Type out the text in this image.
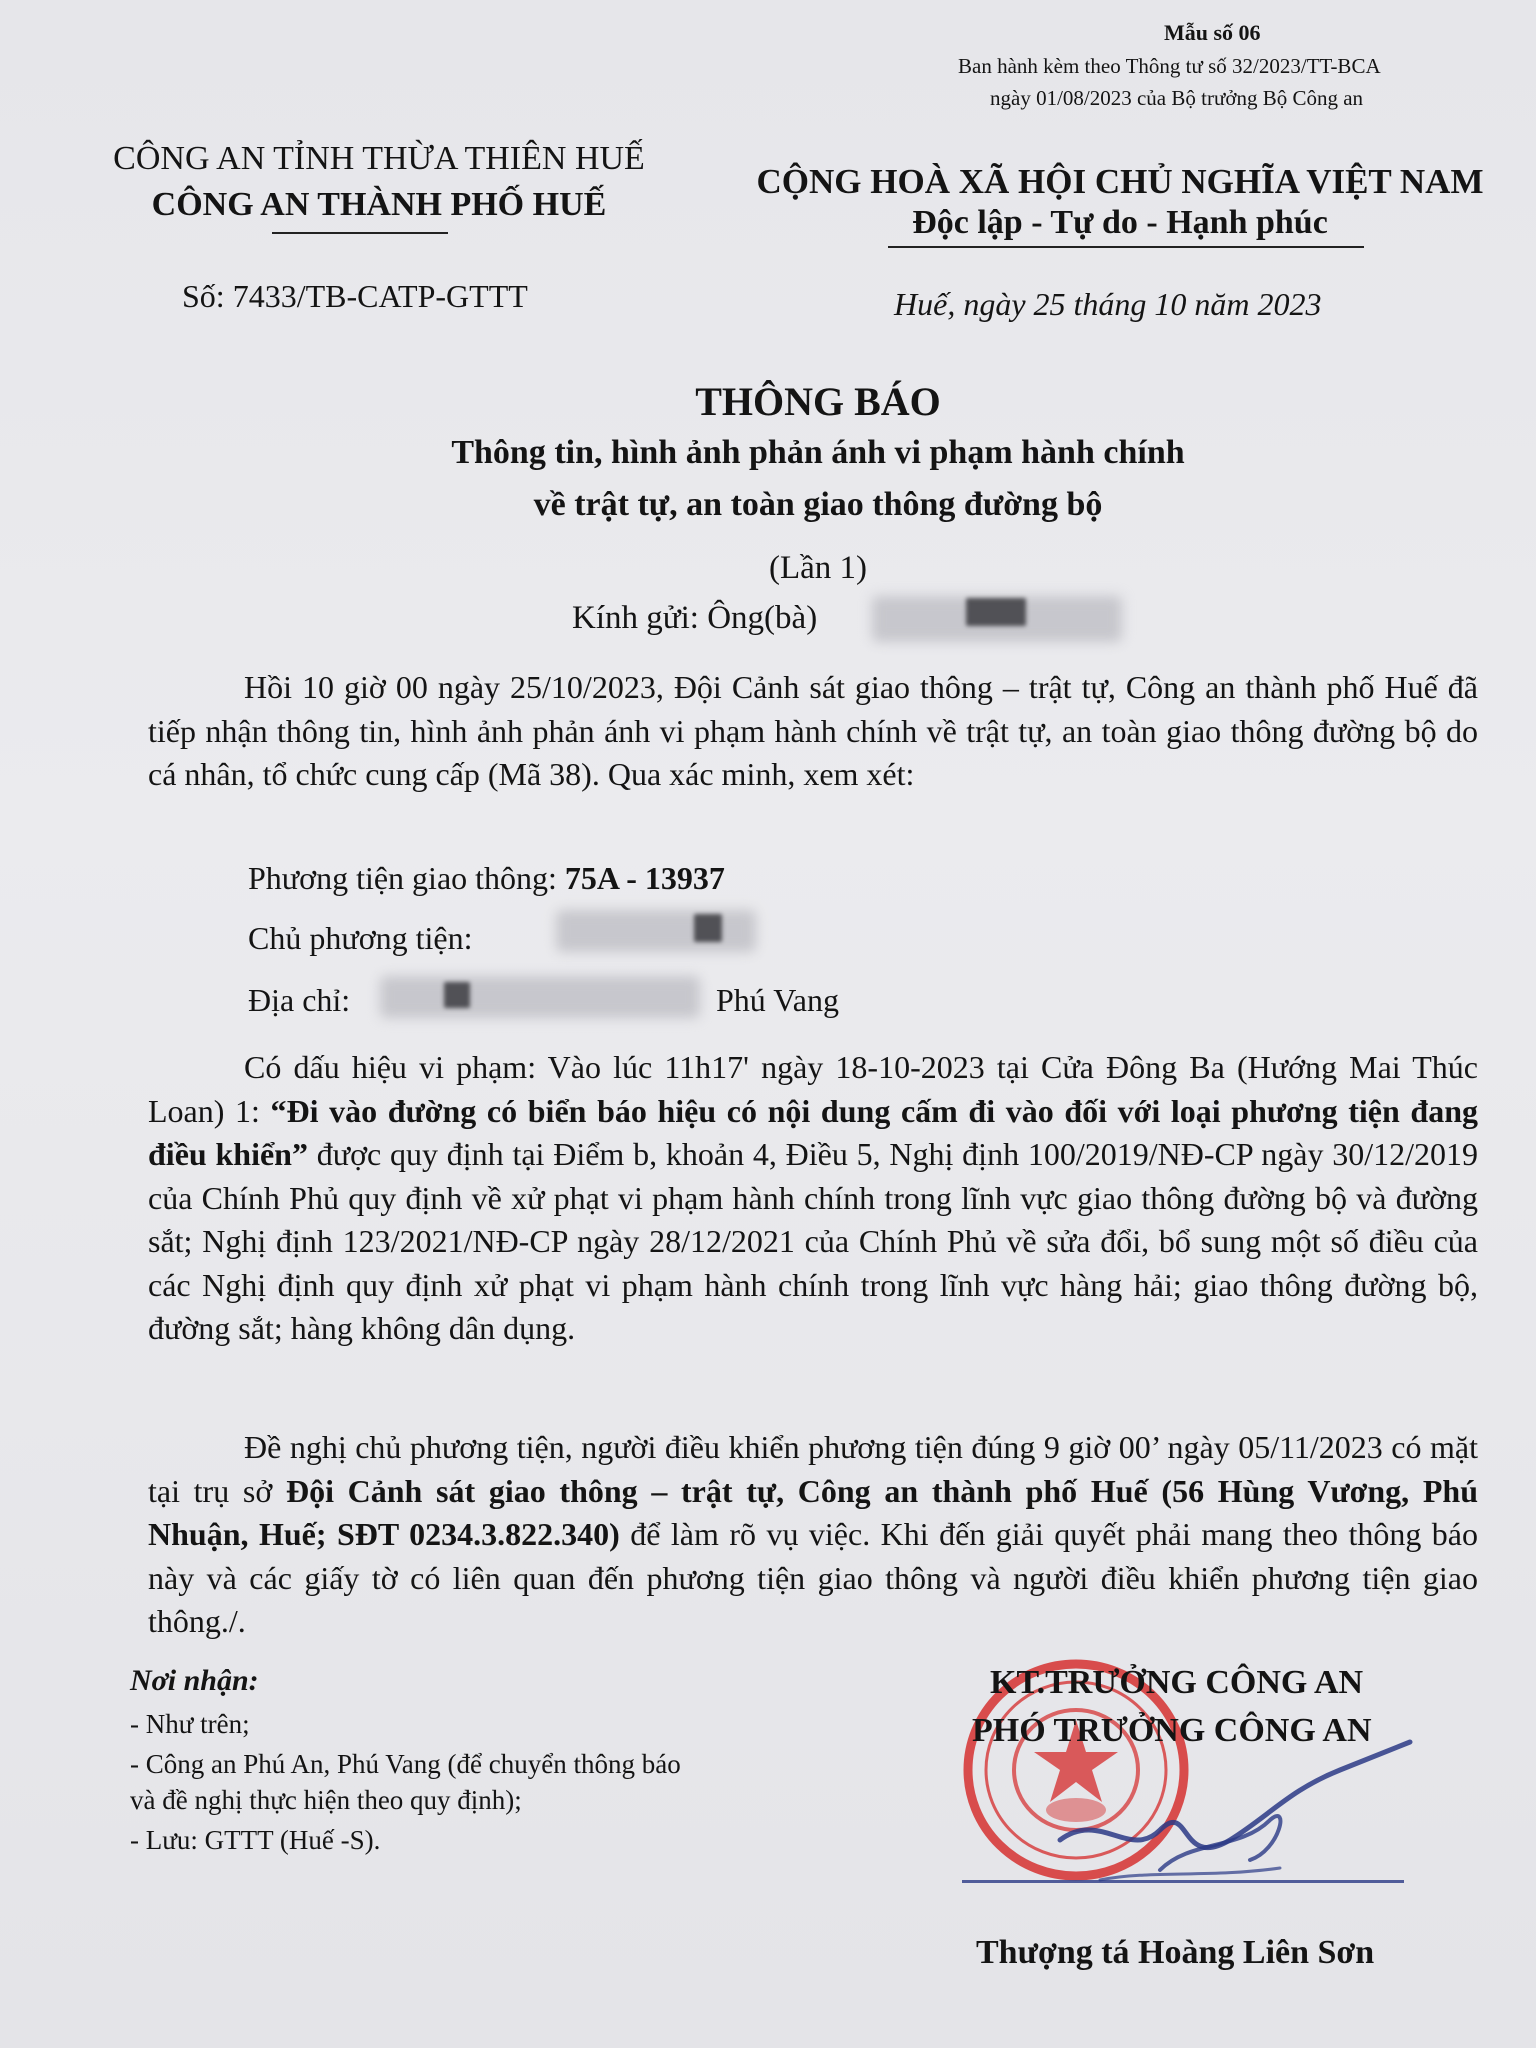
Mẫu số 06
Ban hành kèm theo Thông tư số 32/2023/TT-BCA
ngày 01/08/2023 của Bộ trưởng Bộ Công an
CÔNG AN TỈNH THỪA THIÊN HUẾ
CÔNG AN THÀNH PHỐ HUẾ
CỘNG HOÀ XÃ HỘI CHỦ NGHĨA VIỆT NAM
Độc lập - Tự do - Hạnh phúc
Số: 7433/TB-CATP-GTTT	Huế, ngày 25 tháng 10 năm 2023
THÔNG BÁO
Thông tin, hình ảnh phản ánh vi phạm hành chính
về trật tự, an toàn giao thông đường bộ
(Lần 1)
Kính gửi: Ông(bà)
Hồi 10 giờ 00 ngày 25/10/2023, Đội Cảnh sát giao thông – trật tự, Công an thành phố Huế đã tiếp nhận thông tin, hình ảnh phản ánh vi phạm hành chính về trật tự, an toàn giao thông đường bộ do cá nhân, tổ chức cung cấp (Mã 38). Qua xác minh, xem xét:
Phương tiện giao thông: 75A - 13937
Chủ phương tiện:
Địa chỉ:	Phú Vang
Có dấu hiệu vi phạm: Vào lúc 11h17' ngày 18-10-2023 tại Cửa Đông Ba (Hướng Mai Thúc Loan) 1: “Đi vào đường có biển báo hiệu có nội dung cấm đi vào đối với loại phương tiện đang điều khiển” được quy định tại Điểm b, khoản 4, Điều 5, Nghị định 100/2019/NĐ-CP ngày 30/12/2019 của Chính Phủ quy định về xử phạt vi phạm hành chính trong lĩnh vực giao thông đường bộ và đường sắt; Nghị định 123/2021/NĐ-CP ngày 28/12/2021 của Chính Phủ về sửa đổi, bổ sung một số điều của các Nghị định quy định xử phạt vi phạm hành chính trong lĩnh vực hàng hải; giao thông đường bộ, đường sắt; hàng không dân dụng.
Đề nghị chủ phương tiện, người điều khiển phương tiện đúng 9 giờ 00’ ngày 05/11/2023 có mặt tại trụ sở Đội Cảnh sát giao thông – trật tự, Công an thành phố Huế (56 Hùng Vương, Phú Nhuận, Huế; SĐT 0234.3.822.340) để làm rõ vụ việc. Khi đến giải quyết phải mang theo thông báo này và các giấy tờ có liên quan đến phương tiện giao thông và người điều khiển phương tiện giao thông./.
Nơi nhận:
- Như trên;
- Công an Phú An, Phú Vang (để chuyển thông báo
và đề nghị thực hiện theo quy định);
- Lưu: GTTT (Huế -S).
KT.TRƯỞNG CÔNG AN
PHÓ TRƯỞNG CÔNG AN
Thượng tá Hoàng Liên Sơn
